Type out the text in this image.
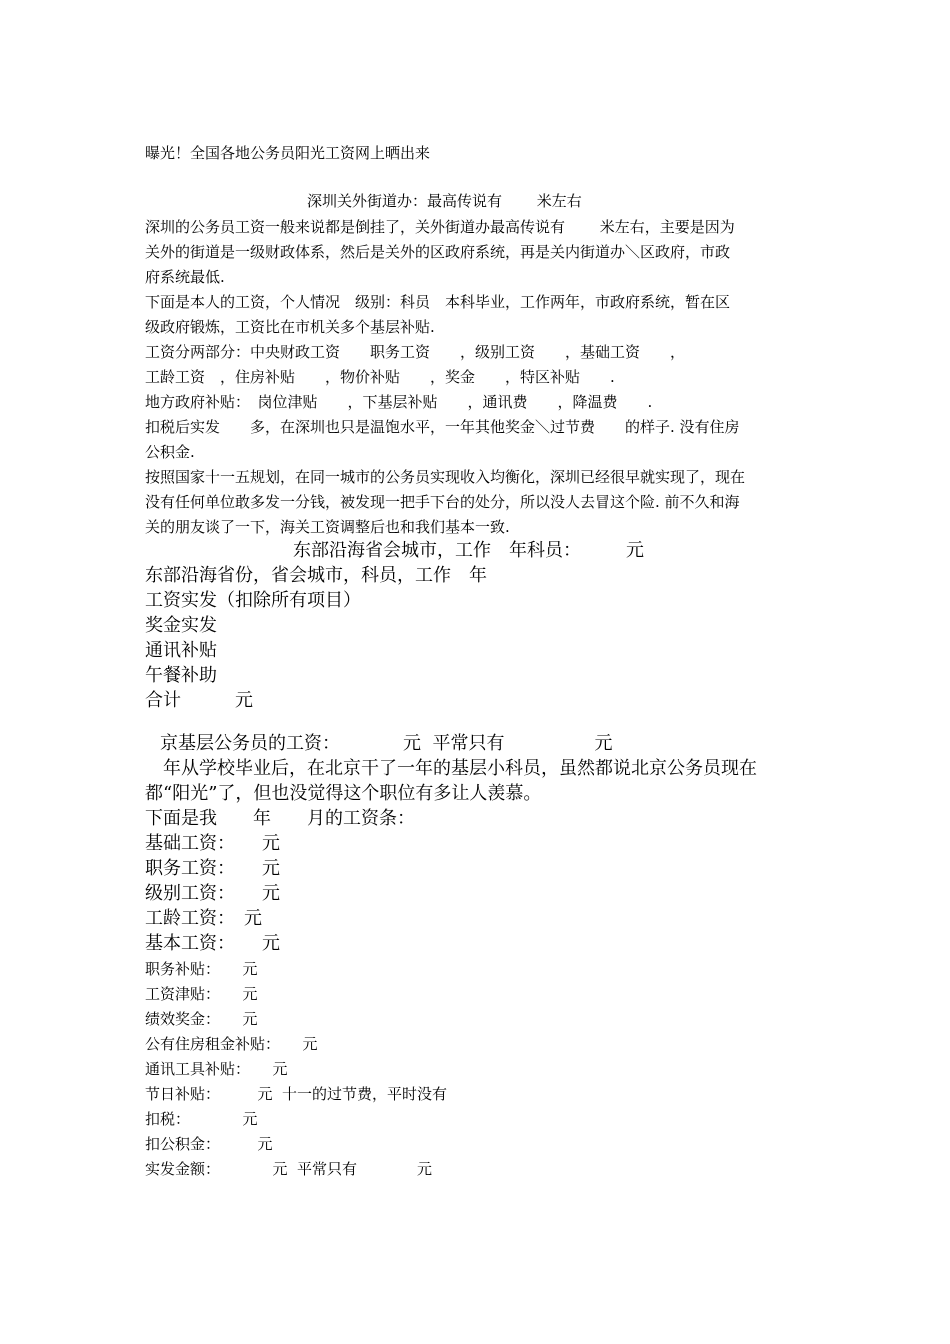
曝光！全国各地公务员阳光工资网上晒出来
深圳关外街道办：最高传说有 　　米左右
深圳的公务员工资一般来说都是倒挂了，关外街道办最高传说有 　　米左右，主要是因为
关外的街道是一级财政体系，然后是关外的区政府系统，再是关内街道办＼区政府，市政
府系统最低.
下面是本人的工资，个人情况　级别：科员　本科毕业，工作两年，市政府系统，暂在区
级政府锻炼，工资比在市机关多个基层补贴.
工资分两部分：中央财政工资　　职务工资　　，级别工资　　，基础工资　　，
工龄工资　，住房补贴　　，物价补贴　　，奖金　　，特区补贴　　.
地方政府补贴：　岗位津贴　　，下基层补贴　　，通讯费　　，降温费　　.
扣税后实发　　多，在深圳也只是温饱水平，一年其他奖金＼过节费　　的样子. 没有住房
公积金.
按照国家十一五规划，在同一城市的公务员实现收入均衡化，深圳已经很早就实现了，现在
没有任何单位敢多发一分钱，被发现一把手下台的处分，所以没人去冒这个险. 前不久和海
关的朋友谈了一下，海关工资调整后也和我们基本一致.
东部沿海省会城市，工作　年科员：　　　元
东部沿海省份，省会城市，科员，工作　年
工资实发（扣除所有项目）
奖金实发
通讯补贴
午餐补助
合计　　　元
京基层公务员的工资：　　　　元  平常只有　　　　　元
　年从学校毕业后，在北京干了一年的基层小科员，虽然都说北京公务员现在
都“阳光”了，但也没觉得这个职位有多让人羡慕。
下面是我　　年　　月的工资条：
基础工资：　　元
职务工资：　　元
级别工资：　　元
工龄工资：　元
基本工资：　　元
职务补贴：　　元
工资津贴：　　元
绩效奖金：　　元
公有住房租金补贴：　　元
通讯工具补贴：　　元
节日补贴：　　　元  十一的过节费，平时没有
扣税：　　　　元
扣公积金：　　　元
实发金额：　　　　元  平常只有　　　　元
